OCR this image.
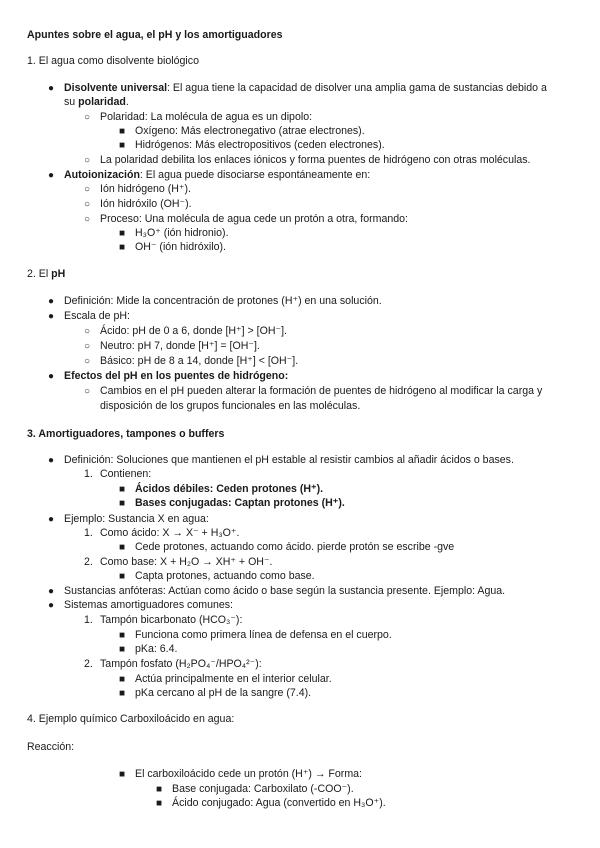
Apuntes sobre el agua, el pH y los amortiguadores
1. El agua como disolvente biológico
●
Disolvente universal: El agua tiene la capacidad de disolver una amplia gama de sustancias debido a
su polaridad.
○
Polaridad: La molécula de agua es un dipolo:
■
Oxígeno: Más electronegativo (atrae electrones).
■
Hidrógenos: Más electropositivos (ceden electrones).
○
La polaridad debilita los enlaces iónicos y forma puentes de hidrógeno con otras moléculas.
●
Autoionización: El agua puede disociarse espontáneamente en:
○
Ión hidrógeno (H⁺).
○
Ión hidróxilo (OH⁻).
○
Proceso: Una molécula de agua cede un protón a otra, formando:
■
H₃O⁺ (ión hidronio).
■
OH⁻ (ión hidróxilo).
2. El pH
●
Definición: Mide la concentración de protones (H⁺) en una solución.
●
Escala de pH:
○
Ácido: pH de 0 a 6, donde [H⁺] > [OH⁻].
○
Neutro: pH 7, donde [H⁺] = [OH⁻].
○
Básico: pH de 8 a 14, donde [H⁺] < [OH⁻].
●
Efectos del pH en los puentes de hidrógeno:
○
Cambios en el pH pueden alterar la formación de puentes de hidrógeno al modificar la carga y
disposición de los grupos funcionales en las moléculas.
3. Amortiguadores, tampones o buffers
●
Definición: Soluciones que mantienen el pH estable al resistir cambios al añadir ácidos o bases.
1. Contienen:
■
Ácidos débiles: Ceden protones (H⁺).
■
Bases conjugadas: Captan protones (H⁺).
●
Ejemplo: Sustancia X en agua:
1. Como ácido: X → X⁻ + H₃O⁺.
■
Cede protones, actuando como ácido. pierde protón se escribe -gve
2. Como base: X + H₂O → XH⁺ + OH⁻.
■
Capta protones, actuando como base.
●
Sustancias anfóteras: Actúan como ácido o base según la sustancia presente. Ejemplo: Agua.
●
Sistemas amortiguadores comunes:
1. Tampón bicarbonato (HCO₃⁻):
■
Funciona como primera línea de defensa en el cuerpo.
■
pKa: 6.4.
2. Tampón fosfato (H₂PO₄⁻/HPO₄²⁻):
■
Actúa principalmente en el interior celular.
■
pKa cercano al pH de la sangre (7.4).
4. Ejemplo químico Carboxiloácido en agua:
Reacción:
■
El carboxiloácido cede un protón (H⁺) → Forma:
■
Base conjugada: Carboxilato (-COO⁻).
■
Ácido conjugado: Agua (convertido en H₃O⁺).
